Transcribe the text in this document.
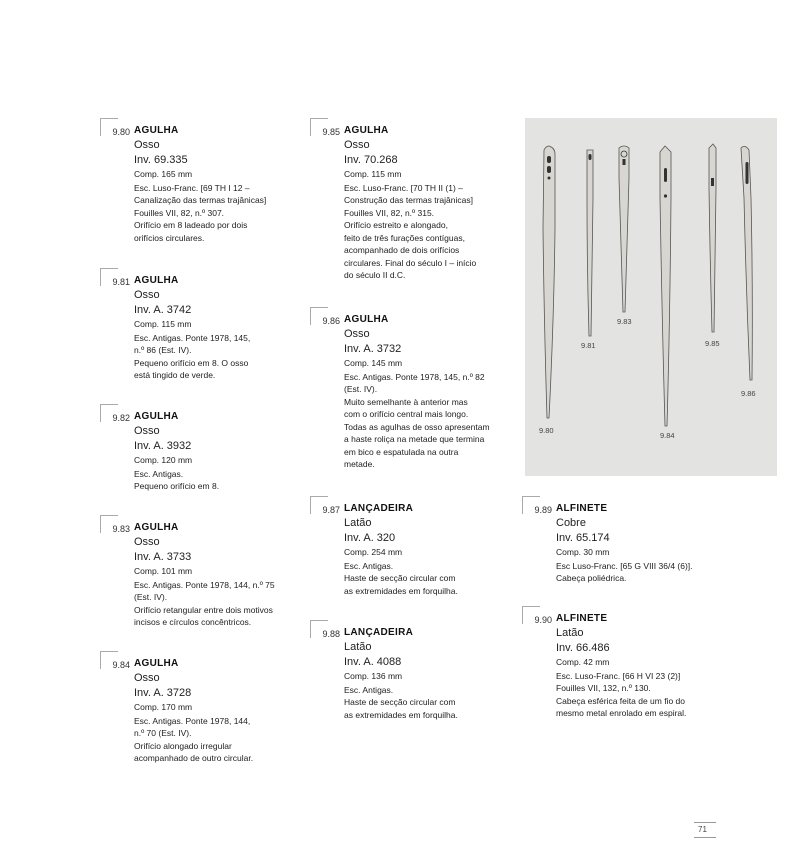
9.80 AGULHA
Osso
Inv. 69.335
Comp. 165 mm
Esc. Luso-Franc. [69 TH I 12 –
Canalização das termas trajânicas]
Fouilles VII, 82, n.º 307.
Orifício em 8 ladeado por dois
orifícios circulares.
9.81 AGULHA
Osso
Inv. A. 3742
Comp. 115 mm
Esc. Antigas. Ponte 1978, 145,
n.º 86 (Est. IV).
Pequeno orifício em 8. O osso
está tingido de verde.
9.82 AGULHA
Osso
Inv. A. 3932
Comp. 120 mm
Esc. Antigas.
Pequeno orifício em 8.
9.83 AGULHA
Osso
Inv. A. 3733
Comp. 101 mm
Esc. Antigas. Ponte 1978, 144, n.º 75
(Est. IV).
Orifício retangular entre dois motivos
incisos e círculos concêntricos.
9.84 AGULHA
Osso
Inv. A. 3728
Comp. 170 mm
Esc. Antigas. Ponte 1978, 144,
n.º 70 (Est. IV).
Orifício alongado irregular
acompanhado de outro circular.
9.85 AGULHA
Osso
Inv. 70.268
Comp. 115 mm
Esc. Luso-Franc. [70 TH II (1) –
Construção das termas trajânicas]
Fouilles VII, 82, n.º 315.
Orifício estreito e alongado,
feito de três furações contíguas,
acompanhado de dois orifícios
circulares. Final do século I – início
do século II d.C.
9.86 AGULHA
Osso
Inv. A. 3732
Comp. 145 mm
Esc. Antigas. Ponte 1978, 145, n.º 82
(Est. IV).
Muito semelhante à anterior mas
com o orifício central mais longo.
Todas as agulhas de osso apresentam
a haste roliça na metade que termina
em bico e espatulada na outra
metade.
9.87 LANÇADEIRA
Latão
Inv. A. 320
Comp. 254 mm
Esc. Antigas.
Haste de secção circular com
as extremidades em forquilha.
9.88 LANÇADEIRA
Latão
Inv. A. 4088
Comp. 136 mm
Esc. Antigas.
Haste de secção circular com
as extremidades em forquilha.
9.80
9.81
9.83
9.84
9.85
9.86
9.89 ALFINETE
Cobre
Inv. 65.174
Comp. 30 mm
Esc Luso-Franc. [65 G VIII 36/4 (6)].
Cabeça poliédrica.
9.90 ALFINETE
Latão
Inv. 66.486
Comp. 42 mm
Esc. Luso-Franc. [66 H VI 23 (2)]
Fouilles VII, 132, n.º 130.
Cabeça esférica feita de um fio do
mesmo metal enrolado em espiral.
71
